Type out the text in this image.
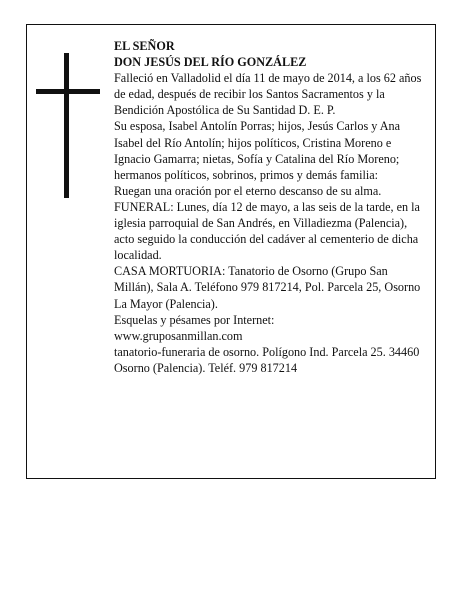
EL SEÑOR

DON JESÚS DEL RÍO GONZÁLEZ

Falleció en Valladolid el día 11 de mayo de 2014, a los 62 años de edad, después de recibir los Santos Sacramentos y la Bendición Apostólica de Su Santidad D. E. P.

Su esposa, Isabel Antolín Porras; hijos, Jesús Carlos y Ana Isabel del Río Antolín; hijos políticos, Cristina Moreno e Ignacio Gamarra; nietas, Sofía y Catalina del Río Moreno; hermanos políticos, sobrinos, primos y demás familia:

Ruegan una oración por el eterno descanso de su alma.

FUNERAL: Lunes, día 12 de mayo, a las seis de la tarde, en la iglesia parroquial de San Andrés, en Villadiezma (Palencia), acto seguido la conducción del cadáver al cementerio de dicha localidad.

CASA MORTUORIA: Tanatorio de Osorno (Grupo San Millán), Sala A. Teléfono 979 817214, Pol. Parcela 25, Osorno La Mayor (Palencia).

Esquelas y pésames por Internet:

www.gruposanmillan.com

tanatorio-funeraria de osorno. Polígono Ind. Parcela 25. 34460 Osorno (Palencia). Teléf. 979 817214
